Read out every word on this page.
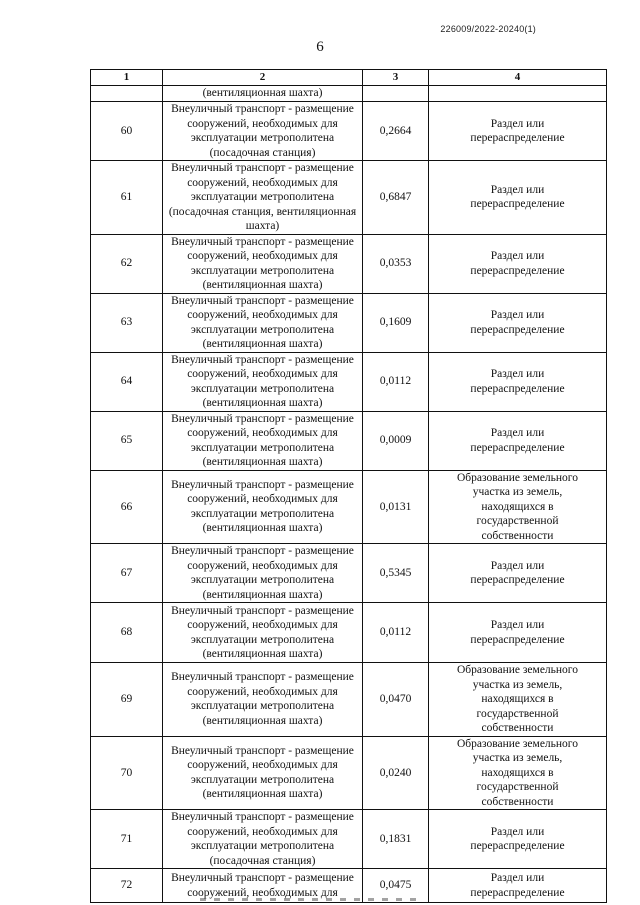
226009/2022-20240(1)
6
1	2	3	4
	(вентиляционная шахта)		
60	Внеуличный транспорт - размещение
сооружений, необходимых для
эксплуатации метрополитена
(посадочная станция)	0,2664	Раздел или
перераспределение
61	Внеуличный транспорт - размещение
сооружений, необходимых для
эксплуатации метрополитена
(посадочная станция, вентиляционная
шахта)	0,6847	Раздел или
перераспределение
62	Внеуличный транспорт - размещение
сооружений, необходимых для
эксплуатации метрополитена
(вентиляционная шахта)	0,0353	Раздел или
перераспределение
63	Внеуличный транспорт - размещение
сооружений, необходимых для
эксплуатации метрополитена
(вентиляционная шахта)	0,1609	Раздел или
перераспределение
64	Внеуличный транспорт - размещение
сооружений, необходимых для
эксплуатации метрополитена
(вентиляционная шахта)	0,0112	Раздел или
перераспределение
65	Внеуличный транспорт - размещение
сооружений, необходимых для
эксплуатации метрополитена
(вентиляционная шахта)	0,0009	Раздел или
перераспределение
66	Внеуличный транспорт - размещение
сооружений, необходимых для
эксплуатации метрополитена
(вентиляционная шахта)	0,0131	Образование земельного
участка из земель,
находящихся в
государственной
собственности
67	Внеуличный транспорт - размещение
сооружений, необходимых для
эксплуатации метрополитена
(вентиляционная шахта)	0,5345	Раздел или
перераспределение
68	Внеуличный транспорт - размещение
сооружений, необходимых для
эксплуатации метрополитена
(вентиляционная шахта)	0,0112	Раздел или
перераспределение
69	Внеуличный транспорт - размещение
сооружений, необходимых для
эксплуатации метрополитена
(вентиляционная шахта)	0,0470	Образование земельного
участка из земель,
находящихся в
государственной
собственности
70	Внеуличный транспорт - размещение
сооружений, необходимых для
эксплуатации метрополитена
(вентиляционная шахта)	0,0240	Образование земельного
участка из земель,
находящихся в
государственной
собственности
71	Внеуличный транспорт - размещение
сооружений, необходимых для
эксплуатации метрополитена
(посадочная станция)	0,1831	Раздел или
перераспределение
72	Внеуличный транспорт - размещение
сооружений, необходимых для	0,0475	Раздел или
перераспределение
